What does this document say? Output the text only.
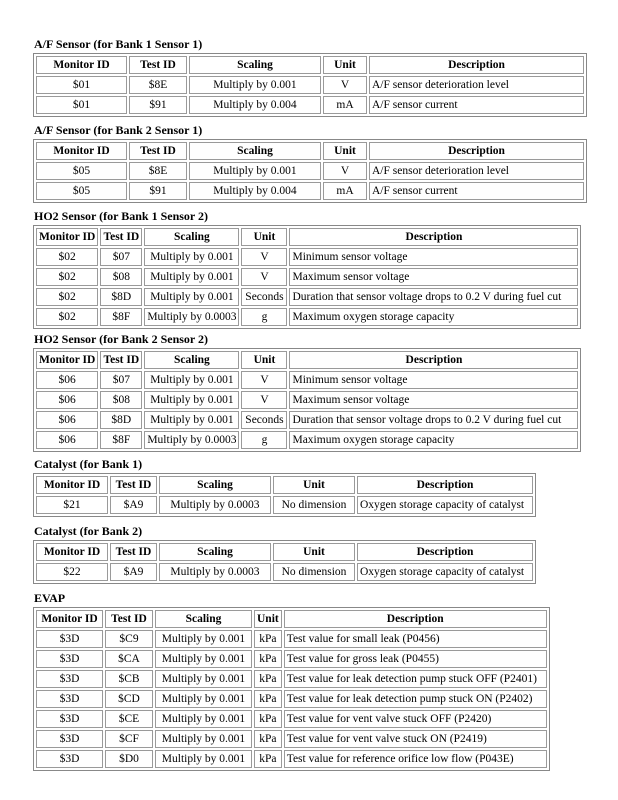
A/F Sensor (for Bank 1 Sensor 1)
Monitor ID	Test ID	Scaling	Unit	Description
$01	$8E	Multiply by 0.001	V	A/F sensor deterioration level
$01	$91	Multiply by 0.004	mA	A/F sensor current
A/F Sensor (for Bank 2 Sensor 1)
Monitor ID	Test ID	Scaling	Unit	Description
$05	$8E	Multiply by 0.001	V	A/F sensor deterioration level
$05	$91	Multiply by 0.004	mA	A/F sensor current
HO2 Sensor (for Bank 1 Sensor 2)
Monitor ID	Test ID	Scaling	Unit	Description
$02	$07	Multiply by 0.001	V	Minimum sensor voltage
$02	$08	Multiply by 0.001	V	Maximum sensor voltage
$02	$8D	Multiply by 0.001	Seconds	Duration that sensor voltage drops to 0.2 V during fuel cut
$02	$8F	Multiply by 0.0003	g	Maximum oxygen storage capacity
HO2 Sensor (for Bank 2 Sensor 2)
Monitor ID	Test ID	Scaling	Unit	Description
$06	$07	Multiply by 0.001	V	Minimum sensor voltage
$06	$08	Multiply by 0.001	V	Maximum sensor voltage
$06	$8D	Multiply by 0.001	Seconds	Duration that sensor voltage drops to 0.2 V during fuel cut
$06	$8F	Multiply by 0.0003	g	Maximum oxygen storage capacity
Catalyst (for Bank 1)
Monitor ID	Test ID	Scaling	Unit	Description
$21	$A9	Multiply by 0.0003	No dimension	Oxygen storage capacity of catalyst
Catalyst (for Bank 2)
Monitor ID	Test ID	Scaling	Unit	Description
$22	$A9	Multiply by 0.0003	No dimension	Oxygen storage capacity of catalyst
EVAP
Monitor ID	Test ID	Scaling	Unit	Description
$3D	$C9	Multiply by 0.001	kPa	Test value for small leak (P0456)
$3D	$CA	Multiply by 0.001	kPa	Test value for gross leak (P0455)
$3D	$CB	Multiply by 0.001	kPa	Test value for leak detection pump stuck OFF (P2401)
$3D	$CD	Multiply by 0.001	kPa	Test value for leak detection pump stuck ON (P2402)
$3D	$CE	Multiply by 0.001	kPa	Test value for vent valve stuck OFF (P2420)
$3D	$CF	Multiply by 0.001	kPa	Test value for vent valve stuck ON (P2419)
$3D	$D0	Multiply by 0.001	kPa	Test value for reference orifice low flow (P043E)
